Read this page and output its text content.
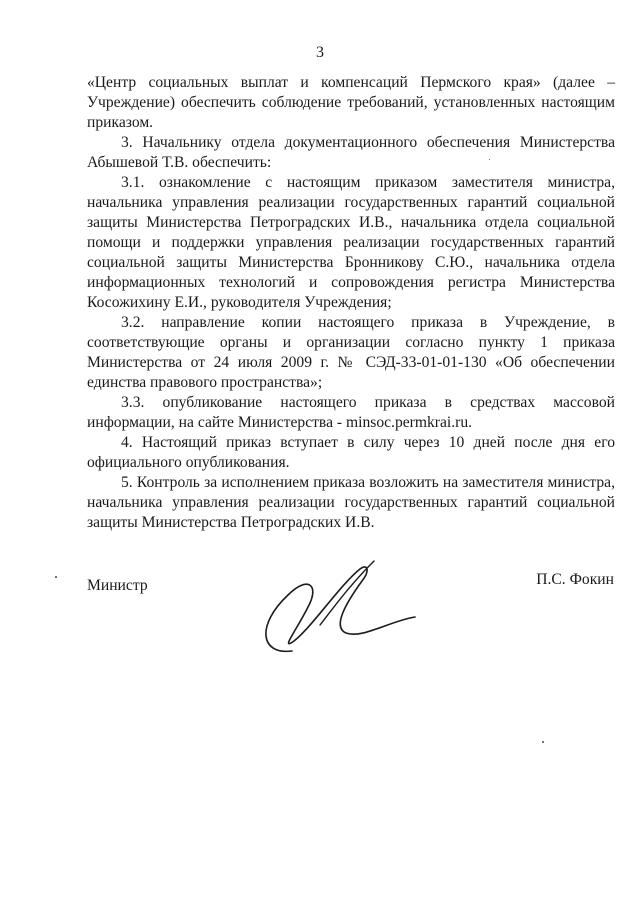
3

«Центр социальных выплат и компенсаций Пермского края» (далее – Учреждение) обеспечить соблюдение требований, установленных настоящим приказом.

3. Начальнику отдела документационного обеспечения Министерства Абышевой Т.В. обеспечить:

3.1. ознакомление с настоящим приказом заместителя министра, начальника управления реализации государственных гарантий социальной защиты Министерства Петроградских И.В., начальника отдела социальной помощи и поддержки управления реализации государственных гарантий социальной защиты Министерства Бронникову С.Ю., начальника отдела информационных технологий и сопровождения регистра Министерства Косожихину Е.И., руководителя Учреждения;

3.2. направление копии настоящего приказа в Учреждение, в соответствующие органы и организации согласно пункту 1 приказа Министерства от 24 июля 2009 г. № СЭД-33-01-01-130 «Об обеспечении единства правового пространства»;

3.3. опубликование настоящего приказа в средствах массовой информации, на сайте Министерства - minsoc.permkrai.ru.

4. Настоящий приказ вступает в силу через 10 дней после дня его официального опубликования.

5. Контроль за исполнением приказа возложить на заместителя министра, начальника управления реализации государственных гарантий социальной защиты Министерства Петроградских И.В.

Министр	П.С. Фокин
